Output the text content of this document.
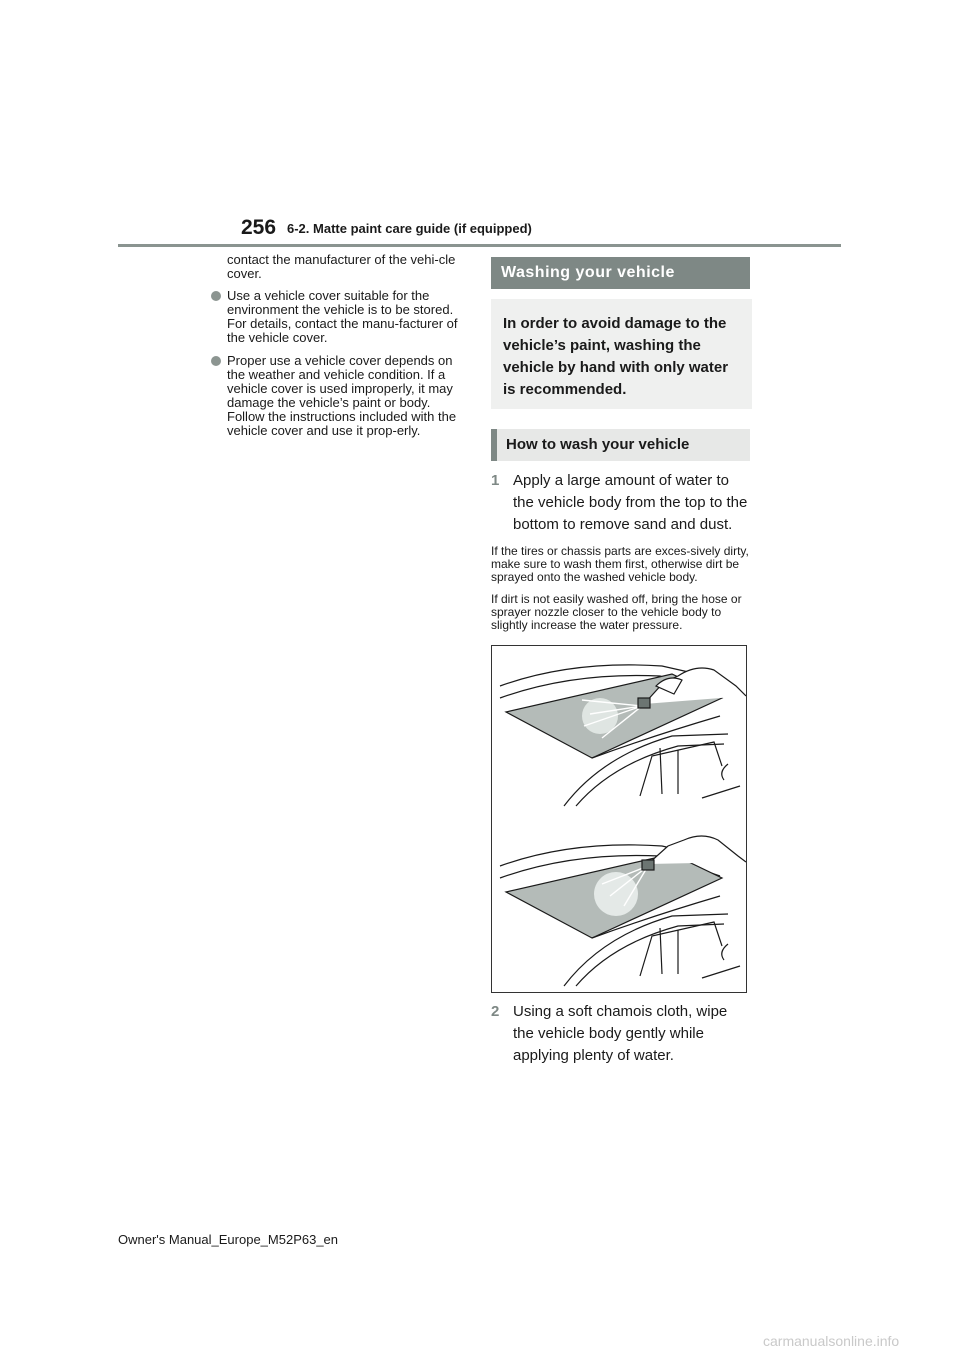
256 6-2. Matte paint care guide (if equipped)

contact the manufacturer of the vehi-cle cover.

Use a vehicle cover suitable for the environment the vehicle is to be stored. For details, contact the manu-facturer of the vehicle cover.
Proper use a vehicle cover depends on the weather and vehicle condition. If a vehicle cover is used improperly, it may damage the vehicle’s paint or body. Follow the instructions included with the vehicle cover and use it prop-erly.
Washing your vehicle
In order to avoid damage to the vehicle’s paint, washing the vehicle by hand with only water is recommended.
How to wash your vehicle
1 Apply a large amount of water to the vehicle body from the top to the bottom to remove sand and dust.
If the tires or chassis parts are exces-sively dirty, make sure to wash them first, otherwise dirt be sprayed onto the washed vehicle body.
If dirt is not easily washed off, bring the hose or sprayer nozzle closer to the vehicle body to slightly increase the water pressure.
2 Using a soft chamois cloth, wipe the vehicle body gently while applying plenty of water.
Owner's Manual_Europe_M52P63_en
carmanualsonline.info
